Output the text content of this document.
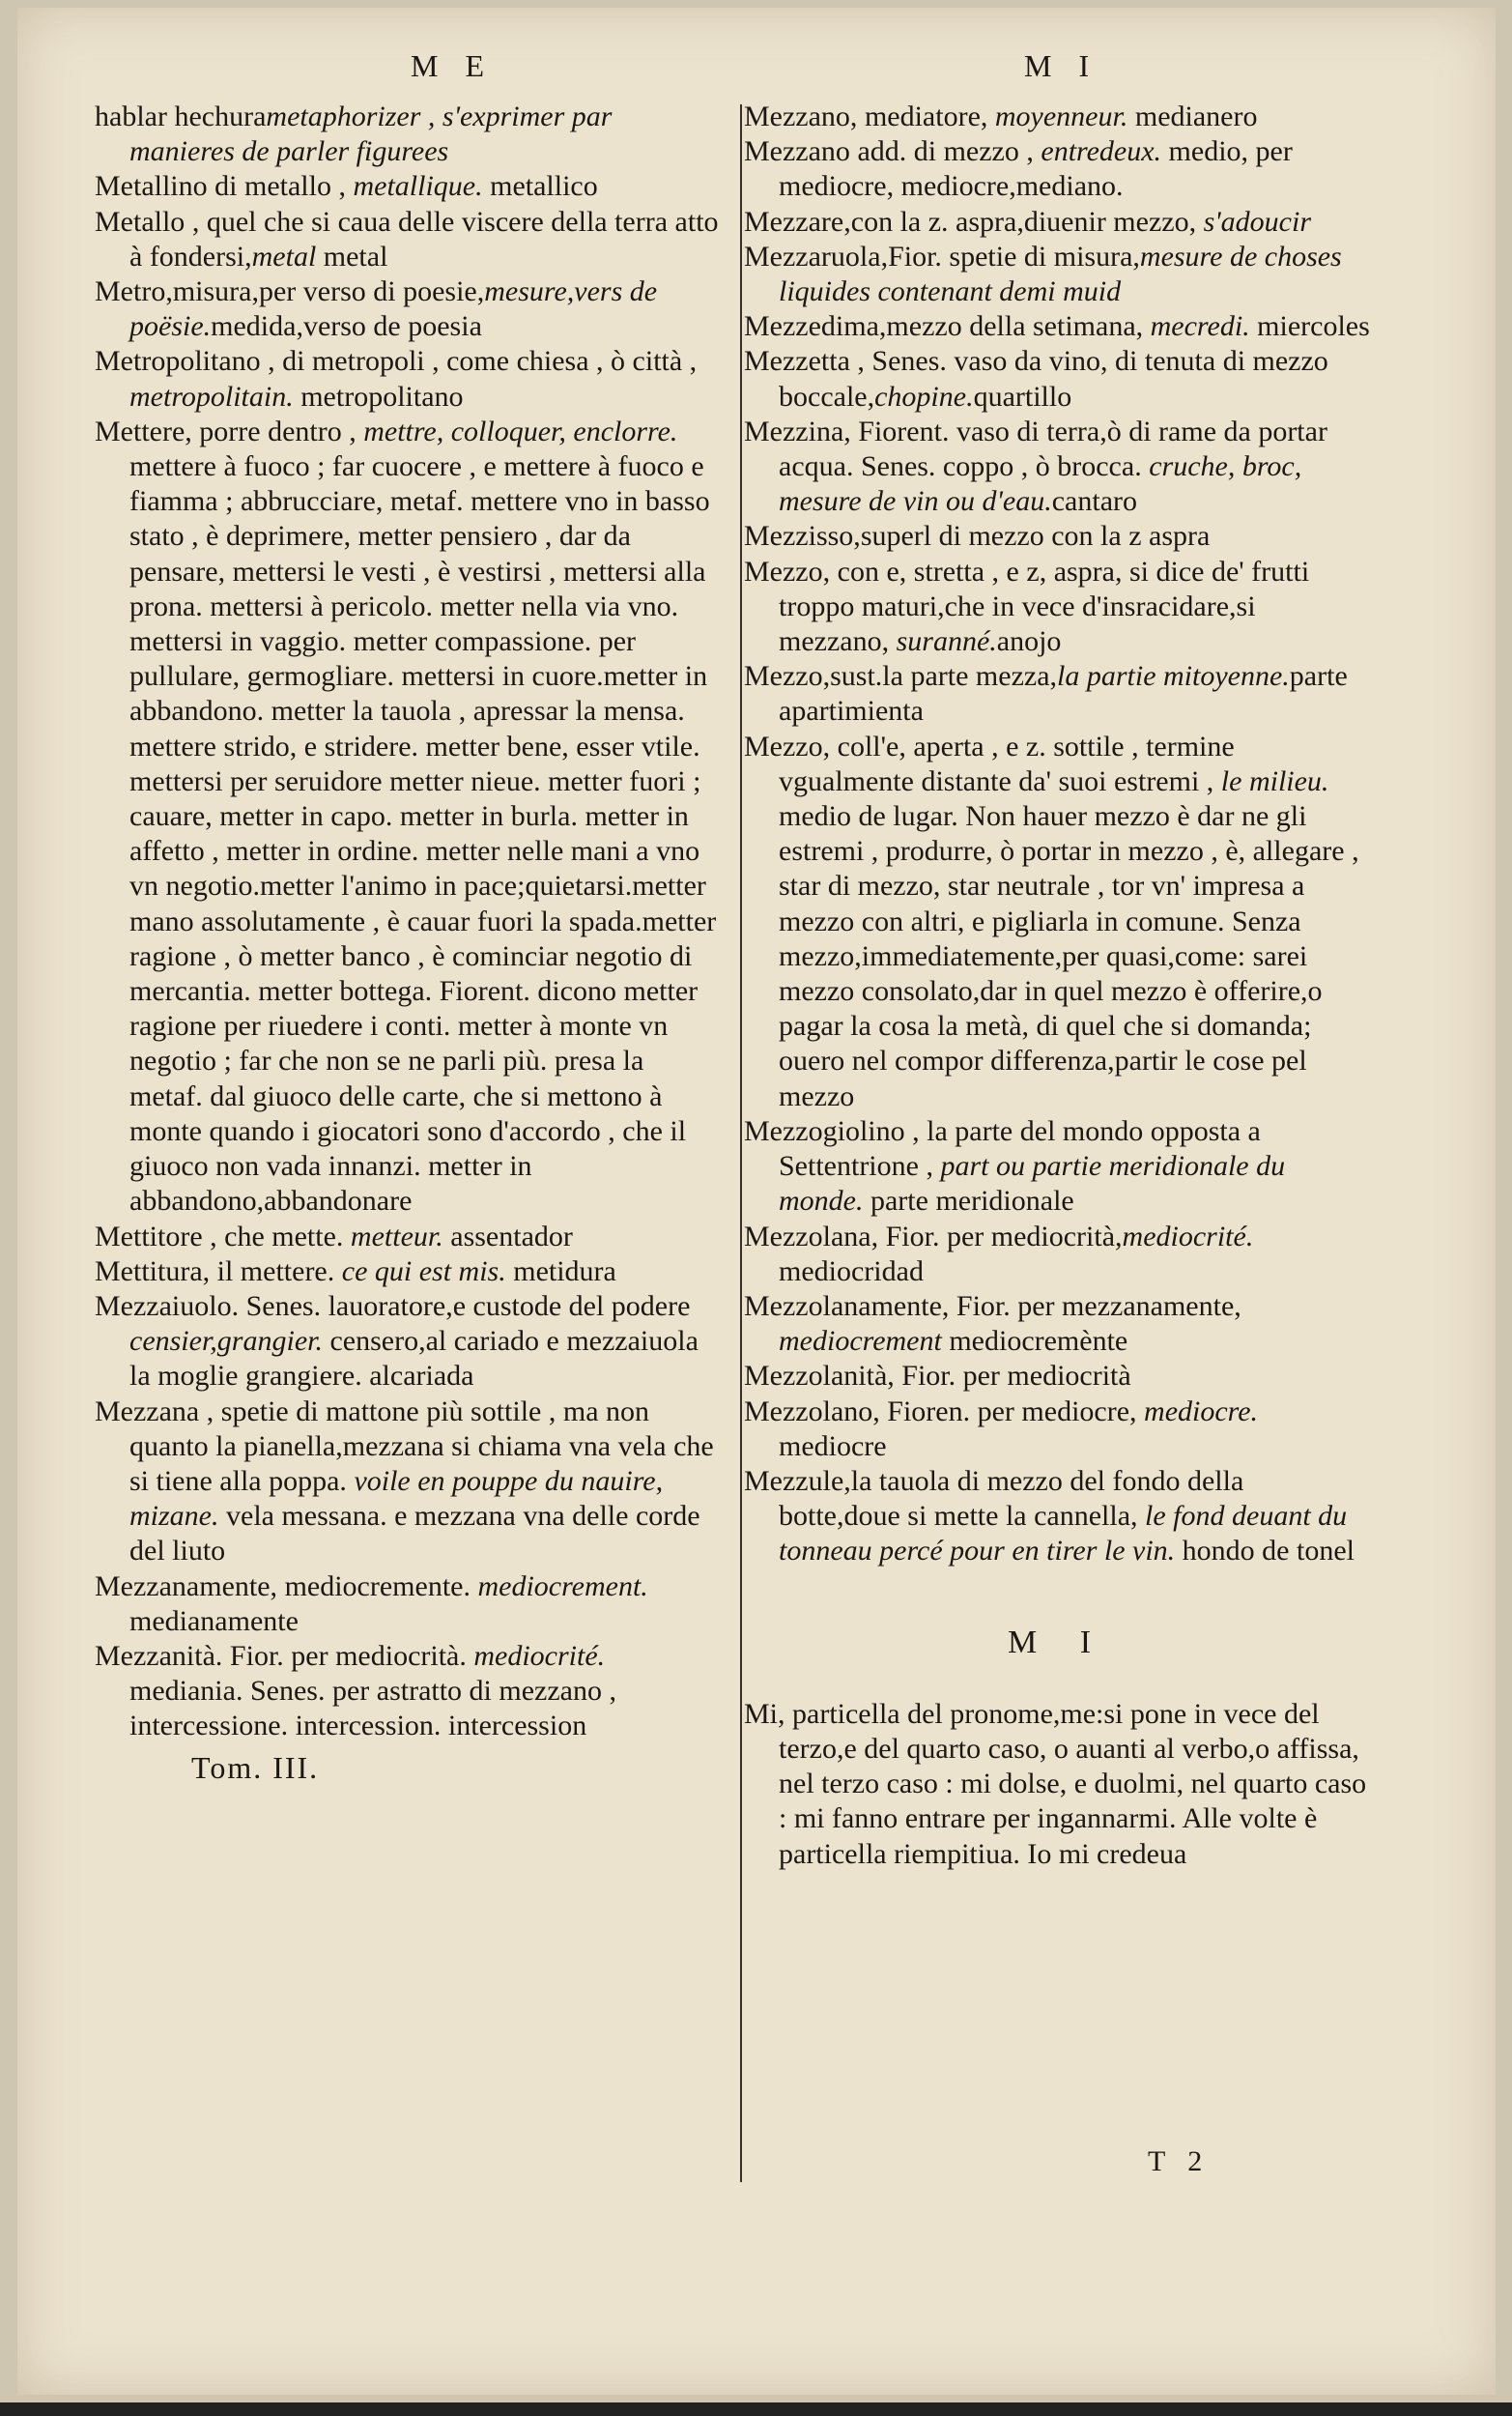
M E	M I
hablar hechurametaphorizer , s'exprimer par manieres de parler figurees
Metallino di metallo , metallique. metallico
Metallo , quel che si caua delle viscere della terra atto à fondersi,metal metal
Metro,misura,per verso di poesie,mesure,vers de poësie.medida,verso de poesia
Metropolitano , di metropoli , come chiesa , ò città , metropolitain. metropolitano
Mettere, porre dentro , mettre, colloquer, enclorre. mettere à fuoco ; far cuocere , e mettere à fuoco e fiamma ; abbrucciare, metaf. mettere vno in basso stato , è deprimere, metter pensiero , dar da pensare, mettersi le vesti , è vestirsi , mettersi alla prona. mettersi à pericolo. metter nella via vno. mettersi in vaggio. metter compassione. per pullulare, germogliare. mettersi in cuore.metter in abbandono. metter la tauola , apressar la mensa. mettere strido, e stridere. metter bene, esser vtile. mettersi per seruidore metter nieue. metter fuori ; cauare, metter in capo. metter in burla. metter in affetto , metter in ordine. metter nelle mani a vno vn negotio.metter l'animo in pace;quietarsi.metter mano assolutamente , è cauar fuori la spada.metter ragione , ò metter banco , è cominciar negotio di mercantia. metter bottega. Fiorent. dicono metter ragione per riuedere i conti. metter à monte vn negotio ; far che non se ne parli più. presa la metaf. dal giuoco delle carte, che si mettono à monte quando i giocatori sono d'accordo , che il giuoco non vada innanzi. metter in abbandono,abbandonare
Mettitore , che mette. metteur. assentador
Mettitura, il mettere. ce qui est mis. metidura
Mezzaiuolo. Senes. lauoratore,e custode del podere censier,grangier. censero,al cariado e mezzaiuola la moglie grangiere. alcariada
Mezzana , spetie di mattone più sottile , ma non quanto la pianella,mezzana si chiama vna vela che si tiene alla poppa. voile en pouppe du nauire, mizane. vela messana. e mezzana vna delle corde del liuto
Mezzanamente, mediocremente. mediocrement. medianamente
Mezzanità. Fior. per mediocrità. mediocrité. mediania. Senes. per astratto di mezzano , intercessione. intercession. intercession
Tom. III.
Mezzano, mediatore, moyenneur. medianero
Mezzano add. di mezzo , entredeux. medio, per mediocre, mediocre,mediano.
Mezzare,con la z. aspra,diuenir mezzo, s'adoucir
Mezzaruola,Fior. spetie di misura,mesure de choses liquides contenant demi muid
Mezzedima,mezzo della setimana, mecredi. miercoles
Mezzetta , Senes. vaso da vino, di tenuta di mezzo boccale,chopine.quartillo
Mezzina, Fiorent. vaso di terra,ò di rame da portar acqua. Senes. coppo , ò brocca. cruche, broc, mesure de vin ou d'eau.cantaro
Mezzisso,superl di mezzo con la z aspra
Mezzo, con e, stretta , e z, aspra, si dice de' frutti troppo maturi,che in vece d'insracidare,si mezzano, suranné.anojo
Mezzo,sust.la parte mezza,la partie mitoyenne.parte apartimienta
Mezzo, coll'e, aperta , e z. sottile , termine vgualmente distante da' suoi estremi , le milieu. medio de lugar. Non hauer mezzo è dar ne gli estremi , produrre, ò portar in mezzo , è, allegare , star di mezzo, star neutrale , tor vn' impresa a mezzo con altri, e pigliarla in comune. Senza mezzo,immediatemente,per quasi,come: sarei mezzo consolato,dar in quel mezzo è offerire,o pagar la cosa la metà, di quel che si domanda; ouero nel compor differenza,partir le cose pel mezzo
Mezzogiolino , la parte del mondo opposta a Settentrione , part ou partie meridionale du monde. parte meridionale
Mezzolana, Fior. per mediocrità,mediocrité. mediocridad
Mezzolanamente, Fior. per mezzanamente, mediocrement mediocremènte
Mezzolanità, Fior. per mediocrità
Mezzolano, Fioren. per mediocre, mediocre. mediocre
Mezzule,la tauola di mezzo del fondo della botte,doue si mette la cannella, le fond deuant du tonneau percé pour en tirer le vin. hondo de tonel
M I
Mi, particella del pronome,me:si pone in vece del terzo,e del quarto caso, o auanti al verbo,o affissa, nel terzo caso : mi dolse, e duolmi, nel quarto caso : mi fanno entrare per ingannarmi. Alle volte è particella riempitiua. Io mi credeua
T 2
